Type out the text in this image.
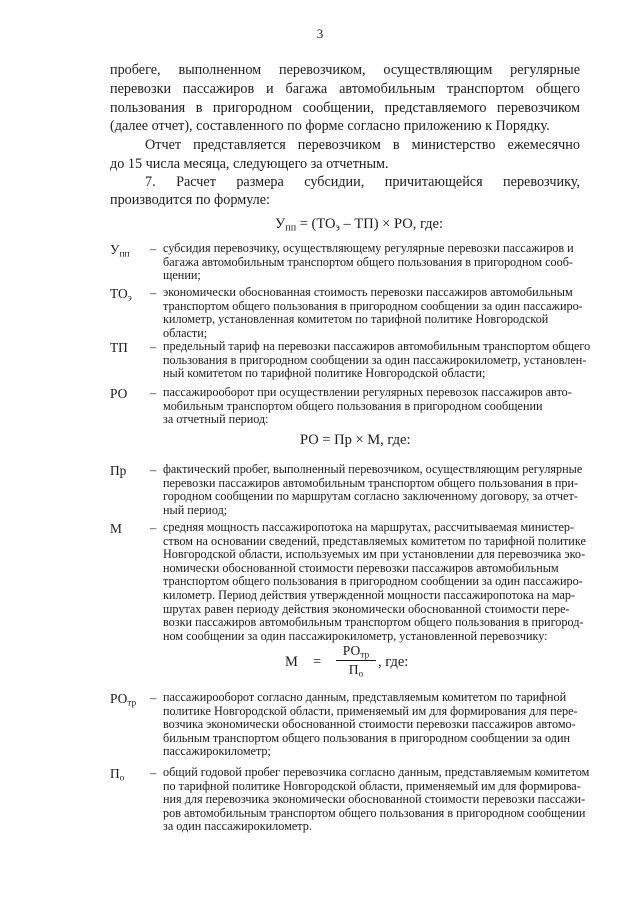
3
пробеге, выполненном перевозчиком, осуществляющим регулярные
перевозки пассажиров и багажа автомобильным транспортом общего
пользования в пригородном сообщении, представляемого перевозчиком
(далее отчет), составленного по форме согласно приложению к Порядку.
Отчет представляется перевозчиком в министерство ежемесячно
до 15 числа месяца, следующего за отчетным.
7. Расчет размера субсидии, причитающейся перевозчику,
производится по формуле:
$У_{пп} = (ТО_э - ТП)$ × РО, где:
$У_{пп}$ – субсидия перевозчику, осуществляющему регулярные перевозки пассажиров и
багажа автомобильным транспортом общего пользования в пригородном сооб-
щении;
$ТО_э$ – экономически обоснованная стоимость перевозки пассажиров автомобильным
транспортом общего пользования в пригородном сообщении за один пассажиро-
километр, установленная комитетом по тарифной политике Новгородской
области;
ТП – предельный тариф на перевозки пассажиров автомобильным транспортом общего
пользования в пригородном сообщении за один пассажирокилометр, установлен-
ный комитетом по тарифной политике Новгородской области;
РО – пассажирооборот при осуществлении регулярных перевозок пассажиров авто-
мобильным транспортом общего пользования в пригородном сообщении
за отчетный период:
РО = Пр × М, где:
Пр – фактический пробег, выполненный перевозчиком, осуществляющим регулярные
перевозки пассажиров автомобильным транспортом общего пользования в при-
городном сообщении по маршрутам согласно заключенному договору, за отчет-
ный период;
М – средняя мощность пассажиропотока на маршрутах, рассчитываемая министер-
ством на основании сведений, представляемых комитетом по тарифной политике
Новгородской области, используемых им при установлении для перевозчика эко-
номически обоснованной стоимости перевозки пассажиров автомобильным
транспортом общего пользования в пригородном сообщении за один пассажиро-
километр. Период действия утвержденной мощности пассажиропотока на мар-
шрутах равен периоду действия экономически обоснованной стоимости пере-
возки пассажиров автомобильным транспортом общего пользования в пригород-
ном сообщении за один пассажирокилометр, установленной перевозчику:
М =
$РО_{тр}$
$П_о$
, где:
$РО_{тр}$ – пассажирооборот согласно данным, представляемым комитетом по тарифной
политике Новгородской области, применяемый им для формирования для пере-
возчика экономически обоснованной стоимости перевозки пассажиров автомо-
бильным транспортом общего пользования в пригородном сообщении за один
пассажирокилометр;
$П_о$ – общий годовой пробег перевозчика согласно данным, представляемым комитетом
по тарифной политике Новгородской области, применяемый им для формирова-
ния для перевозчика экономически обоснованной стоимости перевозки пассажи-
ров автомобильным транспортом общего пользования в пригородном сообщении
за один пассажирокилометр.
